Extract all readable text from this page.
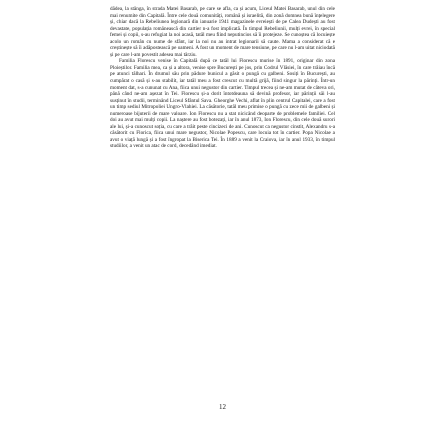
dădea, la stânga, în strada Matei Basarab, pe care se afla, ca și acum, Liceul Matei Basarab, unul din cele mai renumite din Capitală. Între cele două comunități, română și israelită, din zonă domnea bună înțelegere și, chiar dacă la Rebeliunea legionară din ianuarie 1941 magazinele evreiești de pe Calea Dudești au fost devastate, populația românească din cartier n-a fost implicată. În timpul Rebeliunii, mulți evrei, în special femei și copii, s-au refugiat la noi acasă, tatăl meu fiind neputincios să îi protejeze. Se cunoștea că locuiește acolo un român cu nume de sfânt, iar la noi nu au intrat legionarii să caute. Mama a considerat că e creștinește să îi adăpostească pe oameni. A fost un moment de mare tensiune, pe care nu l-am uitat niciodată și pe care l-am povestit adesea mai târziu.

Familia Florescu venise în Capitală după ce tatăl lui Florescu murise în 1891, originar din zona Ploieștilor. Familia mea, ca și a altora, venise spre București pe jos, prin Codrul Vlăsiei, în care trăiau încă pe atunci tâlhari. În drumul său prin pădure bunicul a găsit o pungă cu galbeni. Sosiți în București, au cumpărat o casă și s-au stabilit, iar tatăl meu a fost crescut cu multă grijă, fiind singur la părinți. Într-un moment dat, s-a cununat cu Ana, fiica unui negustor din cartier. Timpul trecea și ne-am mutat de câteva ori, până când ne-am așezat în Tei. Florescu și-a dorit întotdeauna să devină profesor, iar părinții săi l-au susținut în studii, terminând Liceul Sfântul Sava. Gheorghe Vechi, aflat în plin centrul Capitalei, care a fost un timp sediul Mitropoliei Ungro-Vlahiei. La căsătorie, tatăl meu primise o pungă cu zece mii de galbeni și numeroase bijuterii de mare valoare. Ion Florescu nu a stat nicicând deoparte de problemele familiei. Cel doi au avut mai mulți copii. La naștere au fost botezați, iar în anul 1873, Ion Florescu, din cele două surori ale lui, și-a cunoscut soția, cu care a trăit peste cincizeci de ani. Cunoscut ca negustor cinstit, Alexandru s-a căsătorit cu Florica, fiica unui mare negustor, Nicolae Popescu, care locuia tot în cartier. Popa Nicolae a avut o viață lungă și a fost îngropat la Biserica Tei. În 1889 a venit la Craiova, iar în anul 1933, în timpul studiilor, a venit un atac de cord, decedând imediat.

12
